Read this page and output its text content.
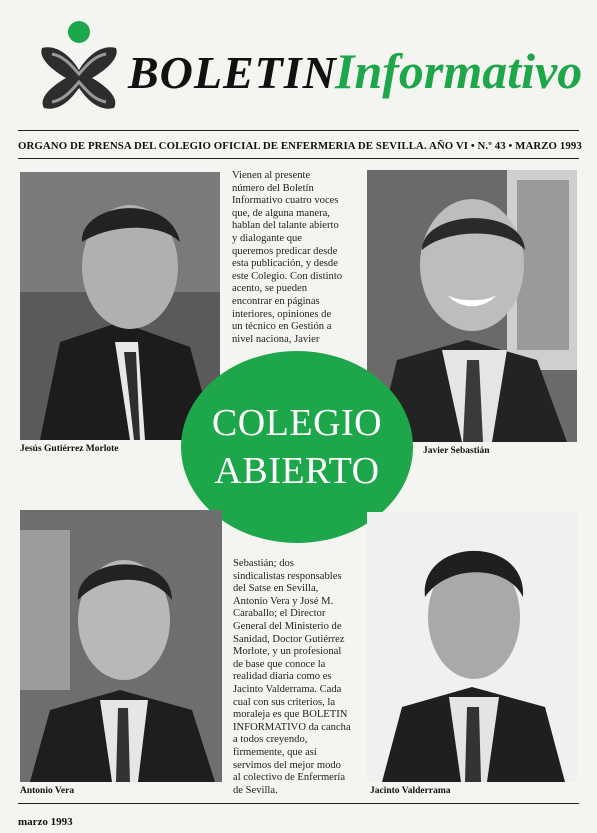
BOLETIN
Informativo
ORGANO DE PRENSA DEL COLEGIO OFICIAL DE ENFERMERIA DE SEVILLA. AÑO VI • N.º 43 • MARZO 1993
Jesús Gutiérrez Morlote
Vienen al presente
número del Boletín
Informativo cuatro voces
que, de alguna manera,
hablan del talante abierto
y dialogante que
queremos predicar desde
esta publicación, y desde
este Colegio. Con distinto
acento, se pueden
encontrar en páginas
interiores, opiniones de
un técnico en Gestión a
nivel naciona, Javier
Javier Sebastián
COLEGIO
ABIERTO
Antonio Vera
Sebastián; dos
sindicalistas responsables
del Satse en Sevilla,
Antonio Vera y José M.
Caraballo; el Director
General del Ministerio de
Sanidad, Doctor Gutiérrez
Morlote, y un profesional
de base que conoce la
realidad diaria como es
Jacinto Valderrama. Cada
cual con sus criterios, la
moraleja es que BOLETIN
INFORMATIVO da cancha
a todos creyendo,
firmemente, que así
servimos del mejor modo
al colectivo de Enfermería
de Sevilla.	Jacinto Valderrama
marzo 1993
